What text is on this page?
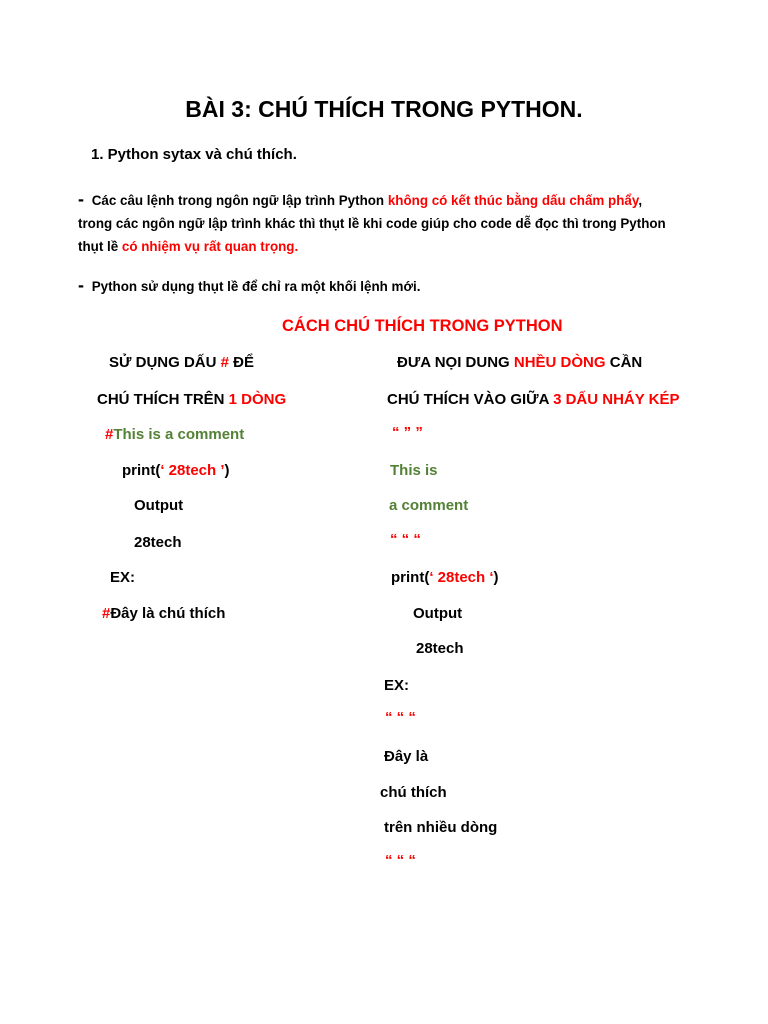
BÀI 3: CHÚ THÍCH TRONG PYTHON.
1. Python sytax và chú thích.
- Các câu lệnh trong ngôn ngữ lập trình Python không có kết thúc bằng dấu chấm phẩy, trong các ngôn ngữ lập trình khác thì thụt lề khi code giúp cho code dễ đọc thì trong Python thụt lề có nhiệm vụ rất quan trọng.
- Python sử dụng thụt lề để chỉ ra một khối lệnh mới.
CÁCH CHÚ THÍCH TRONG PYTHON
SỬ DỤNG DẤU # ĐỂ
CHÚ THÍCH TRÊN 1 DÒNG
#This is a comment
print(‘ 28tech ’)
Output
28tech
EX:
#Đây là chú thích
ĐƯA NỌI DUNG NHỀU DÒNG CẦN
CHÚ THÍCH VÀO GIỮA 3 DẤU NHÁY KÉP
“ ” ”
This is
a comment
“ “ “
print(‘ 28tech ‘)
Output
28tech
EX:
“ “ “
Đây là
chú thích
trên nhiều dòng
“ “ “
